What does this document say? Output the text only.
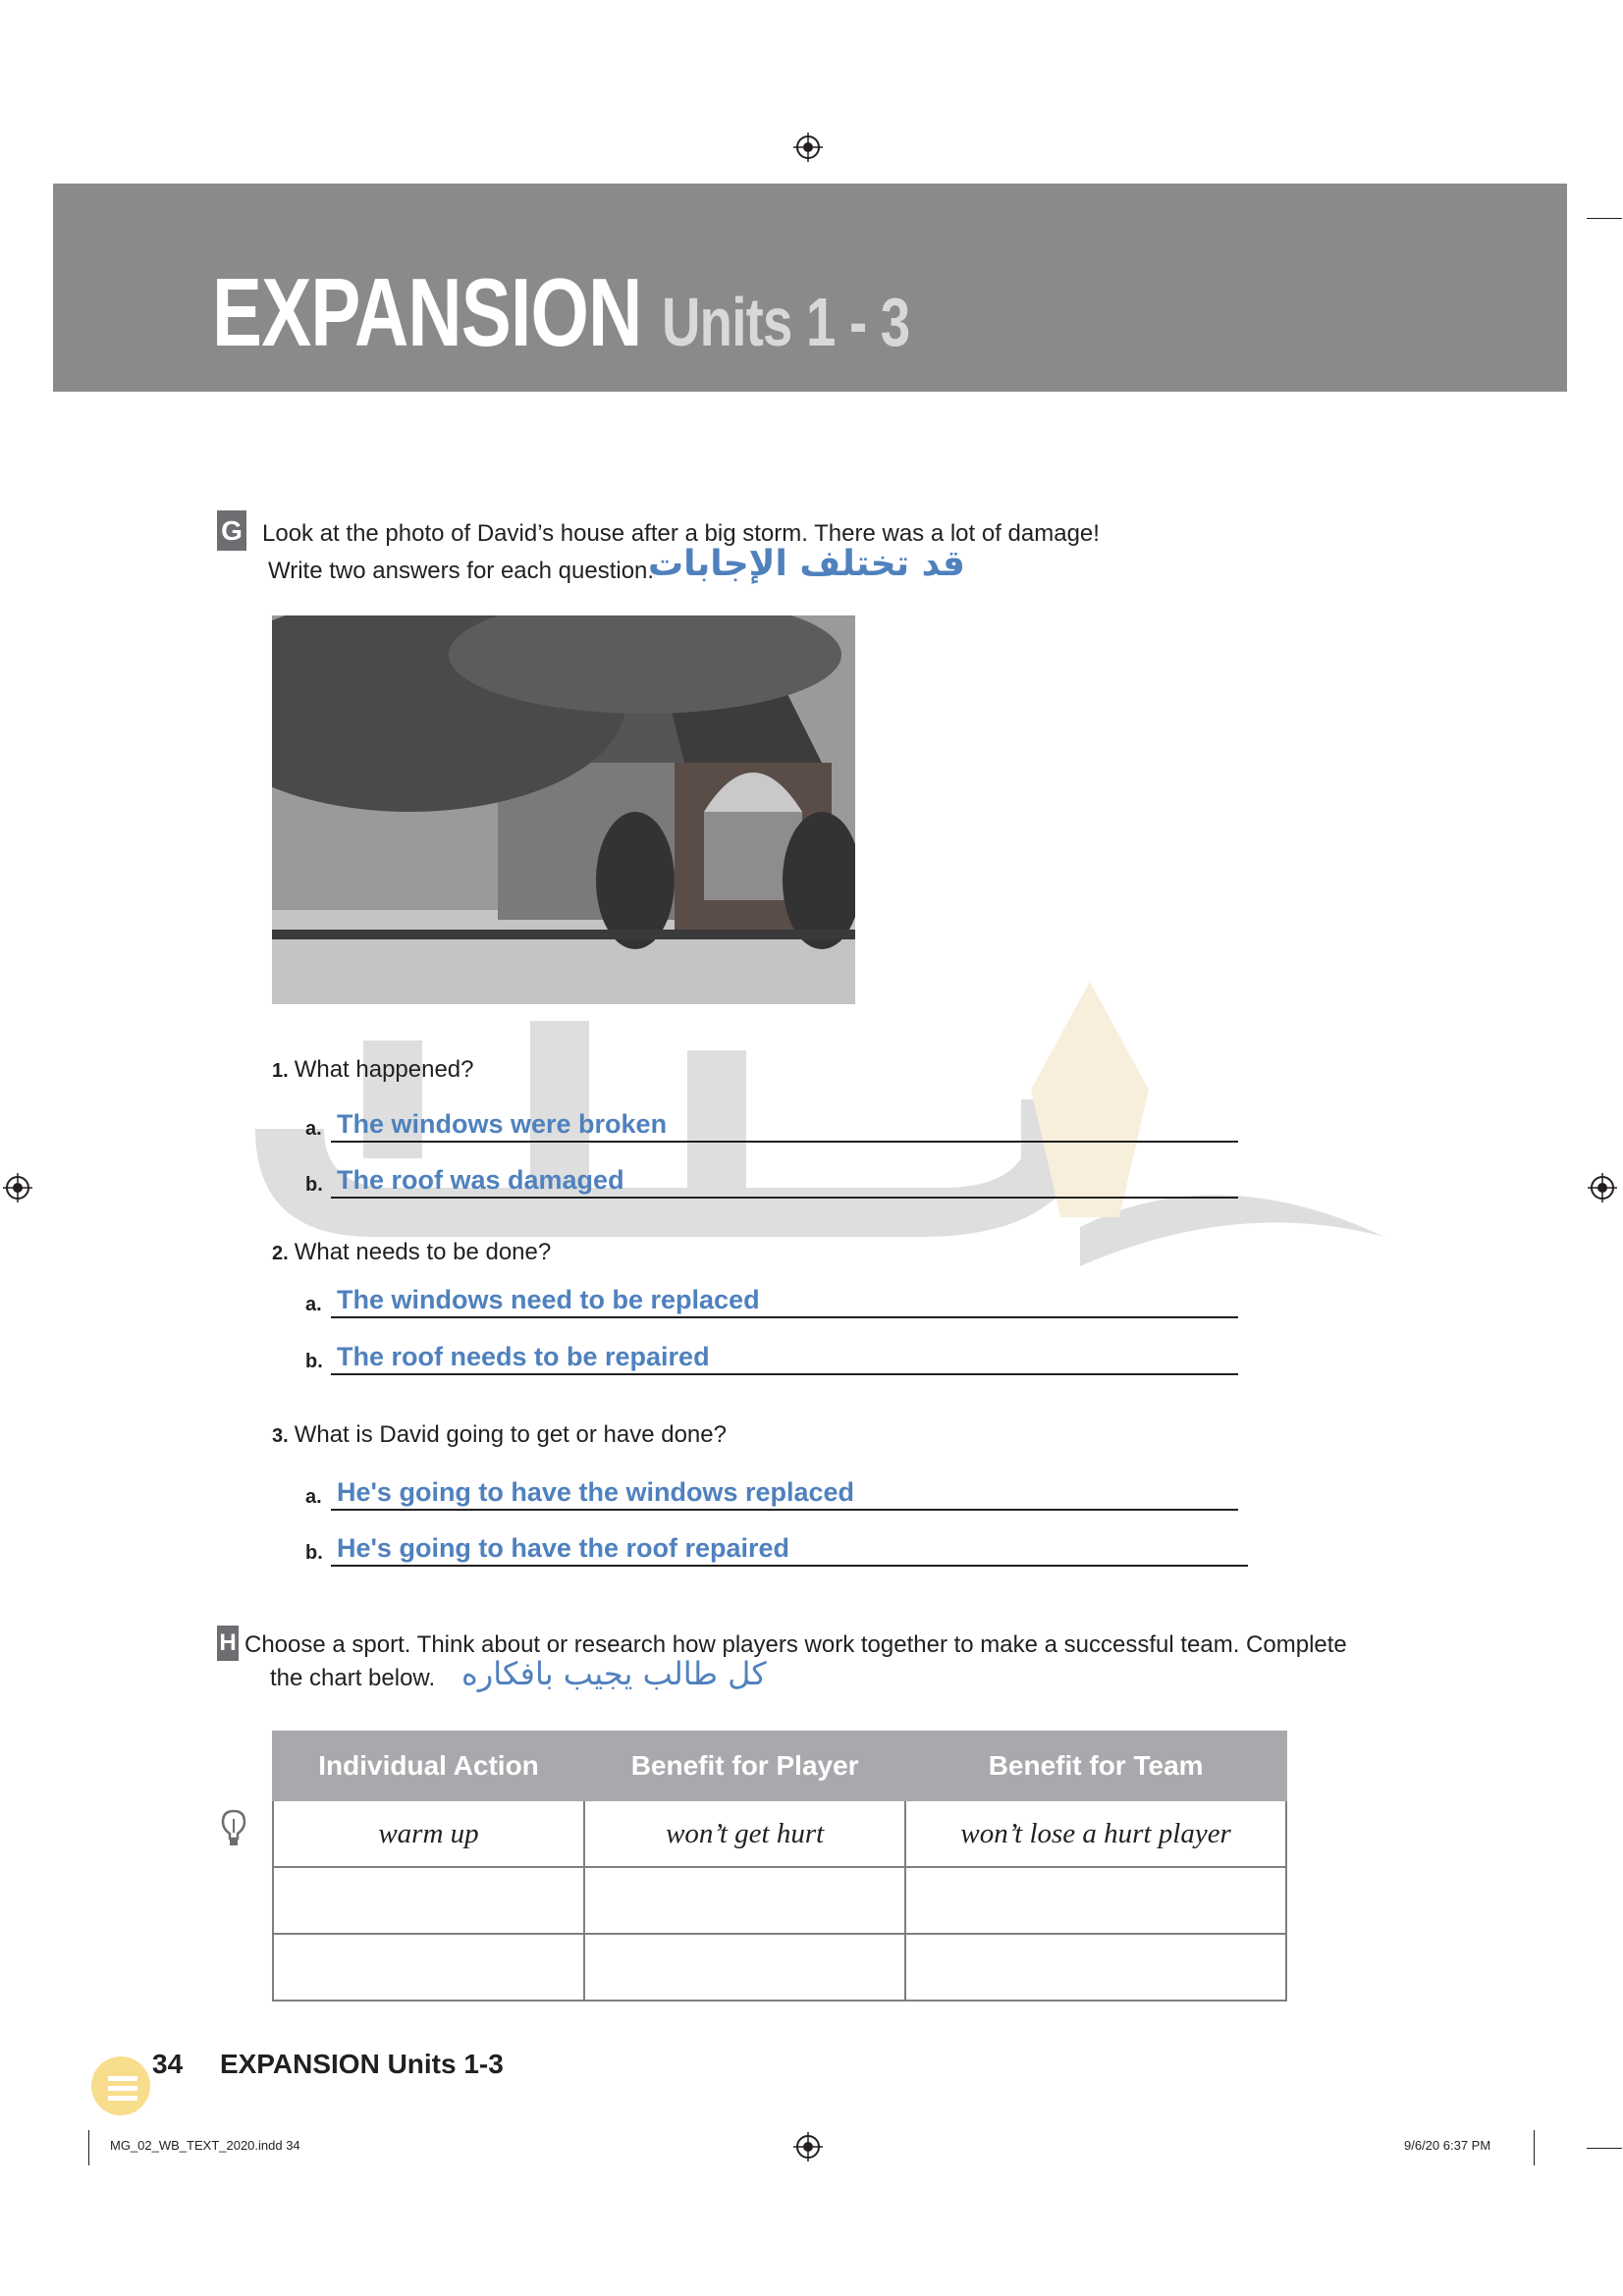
EXPANSION Units 1 - 3
G Look at the photo of David’s house after a big storm. There was a lot of damage!
Write two answers for each question.
قد تختلف الإجابات
1. What happened?
a. The windows were broken
b. The roof was damaged
2. What needs to be done?
a. The windows need to be replaced
b. The roof needs to be repaired
3. What is David going to get or have done?
a. He's going to have the windows replaced
b. He's going to have the roof repaired
H Choose a sport. Think about or research how players work together to make a successful team. Complete
the chart below. كل طالب يجيب بافكاره
Individual Action	Benefit for Player	Benefit for Team
warm up	won’t get hurt	won’t lose a hurt player

34 EXPANSION Units 1-3
MG_02_WB_TEXT_2020.indd 34	9/6/20 6:37 PM
